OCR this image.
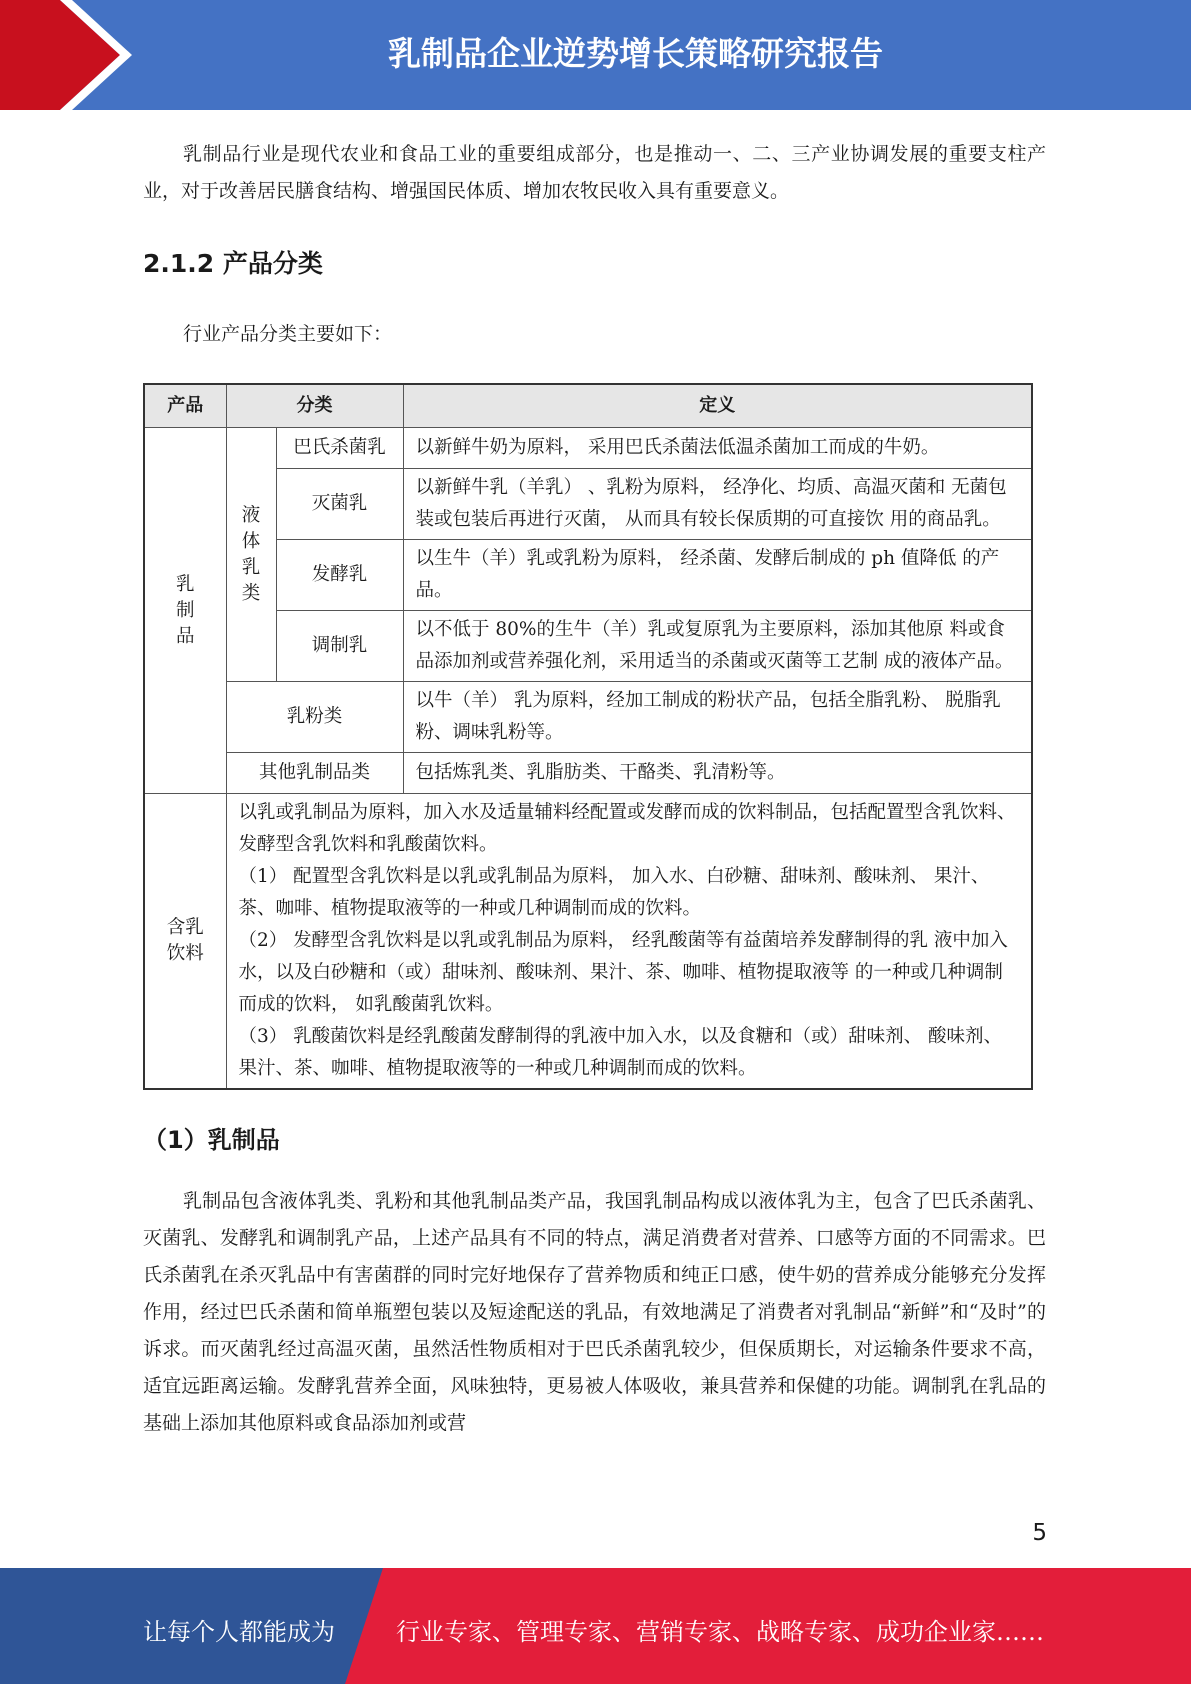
乳制品企业逆势增长策略研究报告

乳制品行业是现代农业和食品工业的重要组成部分，也是推动一、二、三产业协调发展的重要支柱产业，对于改善居民膳食结构、增强国民体质、增加农牧民收入具有重要意义。

2.1.2 产品分类

行业产品分类主要如下：

产品	分类		定义
乳制品	液体乳类	巴氏杀菌乳	以新鲜牛奶为原料， 采用巴氏杀菌法低温杀菌加工而成的牛奶。
		灭菌乳	以新鲜牛乳（羊乳） 、乳粉为原料， 经净化、均质、高温灭菌和 无菌包装或包装后再进行灭菌， 从而具有较长保质期的可直接饮 用的商品乳。
		发酵乳	以生牛（羊）乳或乳粉为原料， 经杀菌、发酵后制成的 ph 值降低 的产品。
		调制乳	以不低于 80%的生牛（羊）乳或复原乳为主要原料，添加其他原 料或食品添加剂或营养强化剂，采用适当的杀菌或灭菌等工艺制 成的液体产品。
	乳粉类		以牛（羊） 乳为原料，经加工制成的粉状产品，包括全脂乳粉、 脱脂乳粉、调味乳粉等。
	其他乳制品类		包括炼乳类、乳脂肪类、干酪类、乳清粉等。
含乳饮料	以乳或乳制品为原料，加入水及适量辅料经配置或发酵而成的饮料制品，包括配置型含乳饮料、发酵型含乳饮料和乳酸菌饮料。
（1） 配置型含乳饮料是以乳或乳制品为原料， 加入水、白砂糖、甜味剂、酸味剂、 果汁、茶、咖啡、植物提取液等的一种或几种调制而成的饮料。
（2） 发酵型含乳饮料是以乳或乳制品为原料， 经乳酸菌等有益菌培养发酵制得的乳 液中加入水，以及白砂糖和（或）甜味剂、酸味剂、果汁、茶、咖啡、植物提取液等 的一种或几种调制而成的饮料， 如乳酸菌乳饮料。
（3） 乳酸菌饮料是经乳酸菌发酵制得的乳液中加入水，以及食糖和（或）甜味剂、 酸味剂、果汁、茶、咖啡、植物提取液等的一种或几种调制而成的饮料。		
（1）乳制品

乳制品包含液体乳类、乳粉和其他乳制品类产品，我国乳制品构成以液体乳为主，包含了巴氏杀菌乳、灭菌乳、发酵乳和调制乳产品，上述产品具有不同的特点，满足消费者对营养、口感等方面的不同需求。巴氏杀菌乳在杀灭乳品中有害菌群的同时完好地保存了营养物质和纯正口感，使牛奶的营养成分能够充分发挥作用，经过巴氏杀菌和简单瓶塑包装以及短途配送的乳品，有效地满足了消费者对乳制品“新鲜”和“及时”的诉求。而灭菌乳经过高温灭菌，虽然活性物质相对于巴氏杀菌乳较少，但保质期长，对运输条件要求不高，适宜远距离运输。发酵乳营养全面，风味独特，更易被人体吸收，兼具营养和保健的功能。调制乳在乳品的基础上添加其他原料或食品添加剂或营

5
让每个人都能成为	行业专家、管理专家、营销专家、战略专家、成功企业家……
